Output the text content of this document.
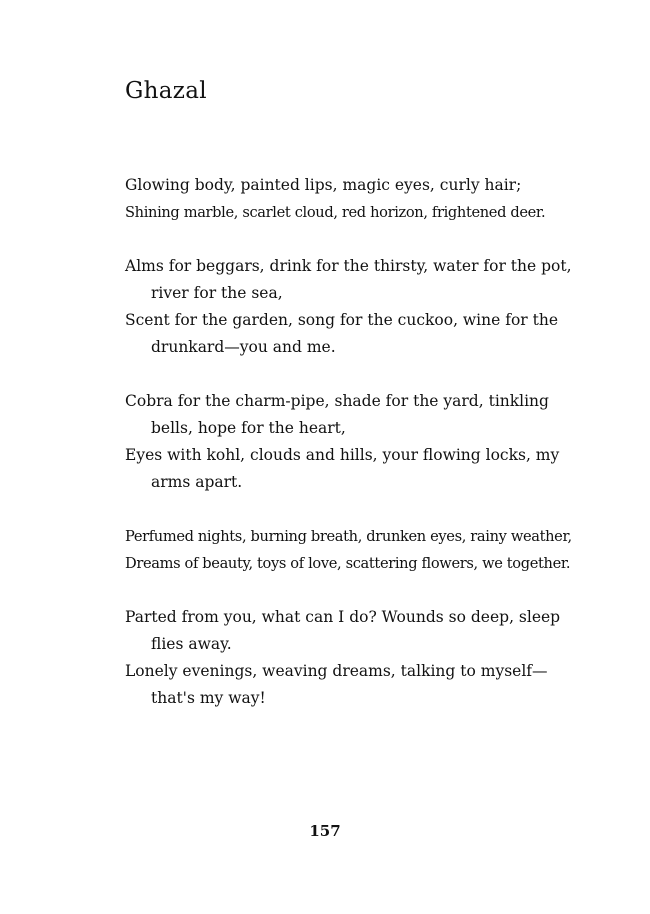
Ghazal
Glowing body, painted lips, magic eyes, curly hair;
Shining marble, scarlet cloud, red horizon, frightened deer.
Alms for beggars, drink for the thirsty, water for the pot,
river for the sea,
Scent for the garden, song for the cuckoo, wine for the
drunkard—you and me.
Cobra for the charm-pipe, shade for the yard, tinkling
bells, hope for the heart,
Eyes with kohl, clouds and hills, your flowing locks, my
arms apart.
Perfumed nights, burning breath, drunken eyes, rainy weather,
Dreams of beauty, toys of love, scattering flowers, we together.
Parted from you, what can I do? Wounds so deep, sleep
flies away.
Lonely evenings, weaving dreams, talking to myself—
that's my way!
157
